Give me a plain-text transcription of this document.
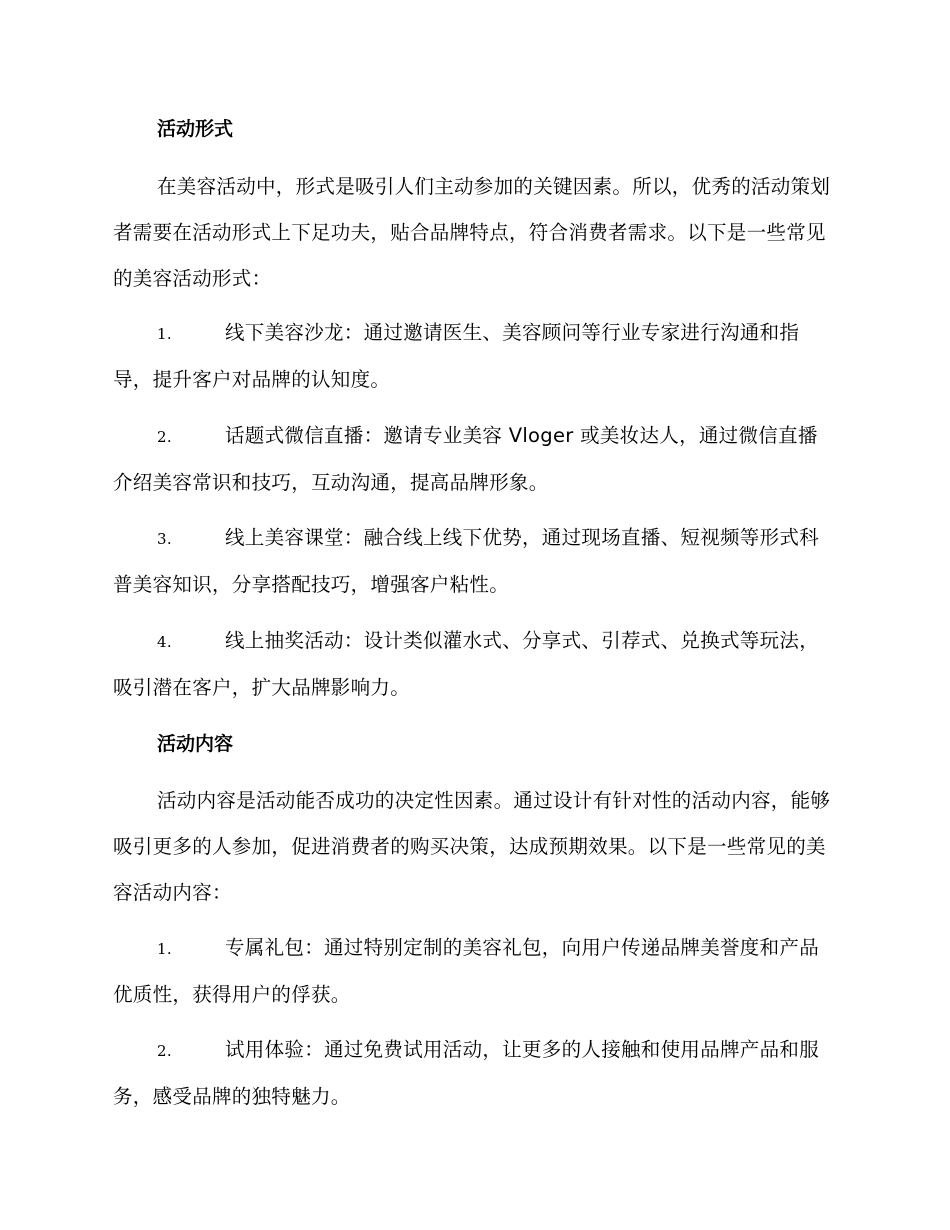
活动形式
在美容活动中，形式是吸引人们主动参加的关键因素。所以，优秀的活动策划者需要在活动形式上下足功夫，贴合品牌特点，符合消费者需求。以下是一些常见的美容活动形式：
1.	线下美容沙龙：通过邀请医生、美容顾问等行业专家进行沟通和指导，提升客户对品牌的认知度。
2.	话题式微信直播：邀请专业美容 Vloger 或美妆达人，通过微信直播介绍美容常识和技巧，互动沟通，提高品牌形象。
3.	线上美容课堂：融合线上线下优势，通过现场直播、短视频等形式科普美容知识，分享搭配技巧，增强客户粘性。
4.	线上抽奖活动：设计类似灌水式、分享式、引荐式、兑换式等玩法，吸引潜在客户，扩大品牌影响力。
活动内容
活动内容是活动能否成功的决定性因素。通过设计有针对性的活动内容，能够吸引更多的人参加，促进消费者的购买决策，达成预期效果。以下是一些常见的美容活动内容：
1.	专属礼包：通过特别定制的美容礼包，向用户传递品牌美誉度和产品优质性，获得用户的俘获。
2.	试用体验：通过免费试用活动，让更多的人接触和使用品牌产品和服务，感受品牌的独特魅力。
